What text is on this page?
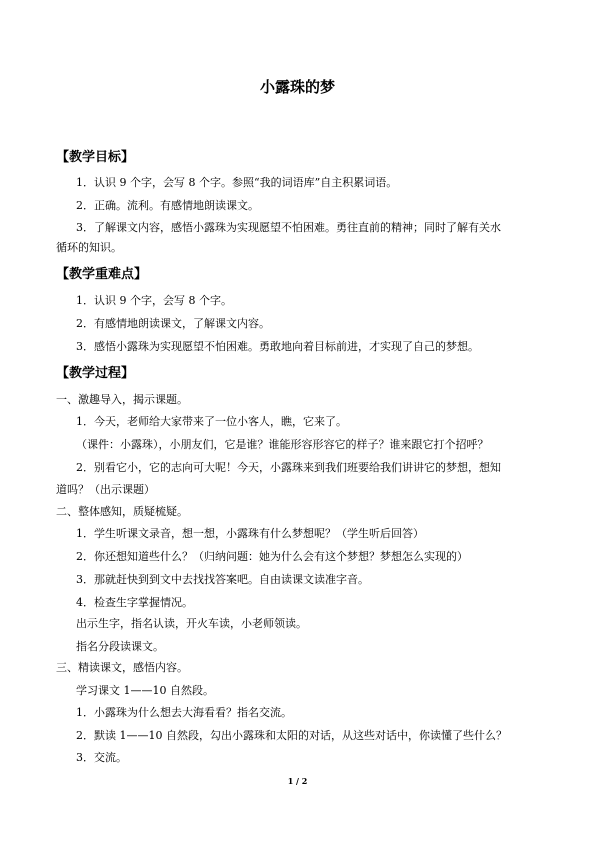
小露珠的梦
【教学目标】
1．认识 9 个字，会写 8 个字。参照“我的词语库”自主积累词语。
2．正确。流利。有感情地朗读课文。
3．了解课文内容，感悟小露珠为实现愿望不怕困难。勇往直前的精神；同时了解有关水
循环的知识。
【教学重难点】
1．认识 9 个字，会写 8 个字。
2．有感情地朗读课文，了解课文内容。
3．感悟小露珠为实现愿望不怕困难。勇敢地向着目标前进，才实现了自己的梦想。
【教学过程】
一、激趣导入，揭示课题。
1．今天，老师给大家带来了一位小客人，瞧，它来了。
（课件：小露珠），小朋友们，它是谁？谁能形容形容它的样子？谁来跟它打个招呼？
2．别看它小，它的志向可大呢！今天，小露珠来到我们班要给我们讲讲它的梦想，想知
道吗？（出示课题）
二、整体感知，质疑梳疑。
1．学生听课文录音，想一想，小露珠有什么梦想呢？（学生听后回答）
2．你还想知道些什么？（归纳问题：她为什么会有这个梦想？梦想怎么实现的）
3．那就赶快到到文中去找找答案吧。自由读课文读准字音。
4．检查生字掌握情况。
出示生字，指名认读，开火车读，小老师领读。
指名分段读课文。
三、精读课文，感悟内容。
学习课文 1——10 自然段。
1．小露珠为什么想去大海看看？指名交流。
2．默读 1——10 自然段，勾出小露珠和太阳的对话，从这些对话中，你读懂了些什么？
3．交流。
1 / 2
